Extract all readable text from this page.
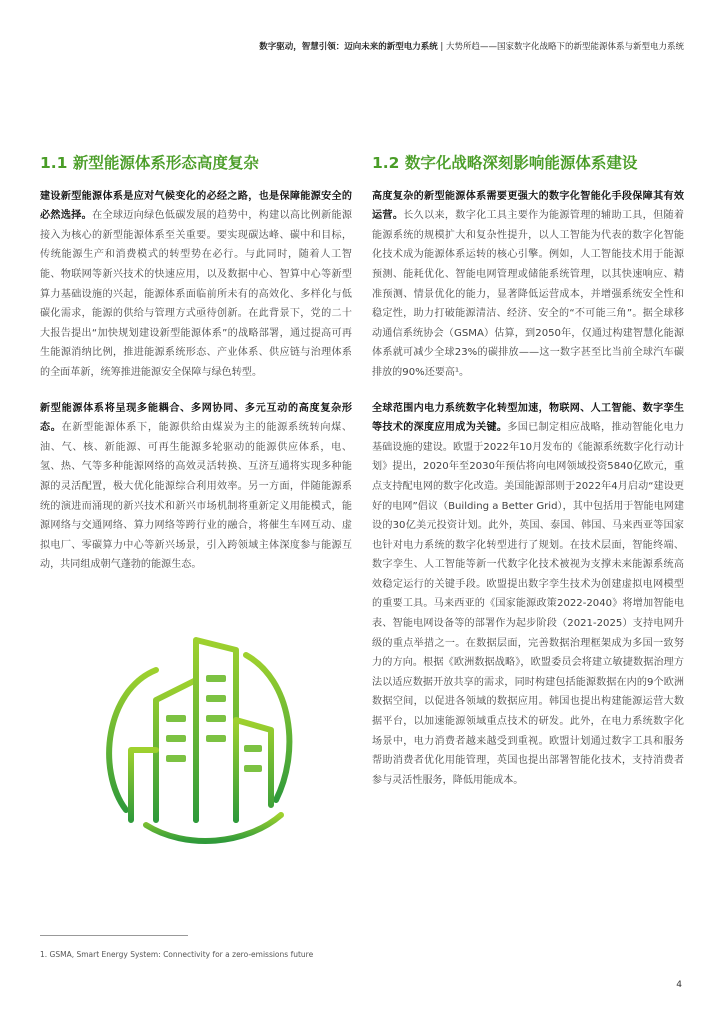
数字驱动，智慧引领：迈向未来的新型电力系统 | 大势所趋——国家数字化战略下的新型能源体系与新型电力系统
1.1 新型能源体系形态高度复杂

建设新型能源体系是应对气候变化的必经之路，也是保障能源安全的必然选择。在全球迈向绿色低碳发展的趋势中，构建以高比例新能源接入为核心的新型能源体系至关重要。要实现碳达峰、碳中和目标，传统能源生产和消费模式的转型势在必行。与此同时，随着人工智能、物联网等新兴技术的快速应用，以及数据中心、智算中心等新型算力基础设施的兴起，能源体系面临前所未有的高效化、多样化与低碳化需求，能源的供给与管理方式亟待创新。在此背景下，党的二十大报告提出“加快规划建设新型能源体系”的战略部署，通过提高可再生能源消纳比例，推进能源系统形态、产业体系、供应链与治理体系的全面革新，统筹推进能源安全保障与绿色转型。

新型能源体系将呈现多能耦合、多网协同、多元互动的高度复杂形态。在新型能源体系下，能源供给由煤炭为主的能源系统转向煤、油、气、核、新能源、可再生能源多轮驱动的能源供应体系，电、氢、热、气等多种能源网络的高效灵活转换、互济互通将实现多种能源的灵活配置，极大优化能源综合利用效率。另一方面，伴随能源系统的演进而涌现的新兴技术和新兴市场机制将重新定义用能模式，能源网络与交通网络、算力网络等跨行业的融合，将催生车网互动、虚拟电厂、零碳算力中心等新兴场景，引入跨领域主体深度参与能源互动，共同组成朝气蓬勃的能源生态。

1.2 数字化战略深刻影响能源体系建设

高度复杂的新型能源体系需要更强大的数字化智能化手段保障其有效运营。长久以来，数字化工具主要作为能源管理的辅助工具，但随着能源系统的规模扩大和复杂性提升，以人工智能为代表的数字化智能化技术成为能源体系运转的核心引擎。例如，人工智能技术用于能源预测、能耗优化、智能电网管理或储能系统管理，以其快速响应、精准预测、情景优化的能力，显著降低运营成本，并增强系统安全性和稳定性，助力打破能源清洁、经济、安全的“不可能三角”。据全球移动通信系统协会（GSMA）估算，到2050年，仅通过构建智慧化能源体系就可减少全球23%的碳排放——这一数字甚至比当前全球汽车碳排放的90%还要高¹。

全球范围内电力系统数字化转型加速，物联网、人工智能、数字孪生等技术的深度应用成为关键。多国已制定相应战略，推动智能化电力基础设施的建设。欧盟于2022年10月发布的《能源系统数字化行动计划》提出，2020年至2030年预估将向电网领域投资5840亿欧元，重点支持配电网的数字化改造。美国能源部则于2022年4月启动“建设更好的电网”倡议（Building a Better Grid），其中包括用于智能电网建设的30亿美元投资计划。此外，英国、泰国、韩国、马来西亚等国家也针对电力系统的数字化转型进行了规划。在技术层面，智能终端、数字孪生、人工智能等新一代数字化技术被视为支撑未来能源系统高效稳定运行的关键手段。欧盟提出数字孪生技术为创建虚拟电网模型的重要工具。马来西亚的《国家能源政策2022-2040》将增加智能电表、智能电网设备等的部署作为起步阶段（2021-2025）支持电网升级的重点举措之一。在数据层面，完善数据治理框架成为多国一致努力的方向。根据《欧洲数据战略》，欧盟委员会将建立敏捷数据治理方法以适应数据开放共享的需求，同时构建包括能源数据在内的9个欧洲数据空间，以促进各领域的数据应用。韩国也提出构建能源运营大数据平台，以加速能源领域重点技术的研发。此外，在电力系统数字化场景中，电力消费者越来越受到重视。欧盟计划通过数字工具和服务帮助消费者优化用能管理，英国也提出部署智能化技术，支持消费者参与灵活性服务，降低用能成本。

1. GSMA, Smart Energy System: Connectivity for a zero-emissions future
4
